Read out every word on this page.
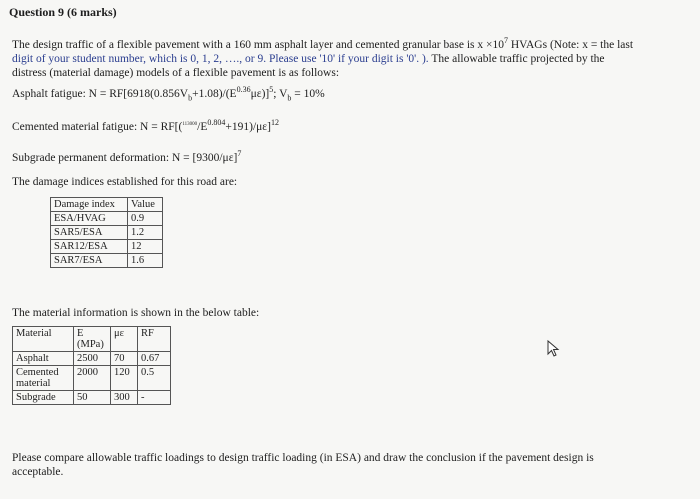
Question 9 (6 marks)
The design traffic of a flexible pavement with a 160 mm asphalt layer and cemented granular base is $x \times 10^7$ HVAGs (Note: x = the last
digit of your student number, which is 0, 1, 2, …., or 9. Please use '10' if your digit is '0'. ). The allowable traffic projected by the
distress (material damage) models of a flexible pavement is as follows:
Asphalt fatigue: $N = RF[6918(0.856V_b+1.08)/(E^{0.36}\mu\varepsilon)]^5$; $V_b = 10\%$
Cemented material fatigue: $N = RF[(^{113000}/E^{0.804}+191)/\mu\varepsilon]^{12}$
Subgrade permanent deformation: $N = [9300/\mu\varepsilon]^7$
The damage indices established for this road are:
Damage index	Value
ESA/HVAG	0.9
SAR5/ESA	1.2
SAR12/ESA	12
SAR7/ESA	1.6
The material information is shown in the below table:
Material	E (MPa)	με	RF
Asphalt	2500	70	0.67
Cemented material	2000	120	0.5
Subgrade	50	300	-
Please compare allowable traffic loadings to design traffic loading (in ESA) and draw the conclusion if the pavement design is
acceptable.
